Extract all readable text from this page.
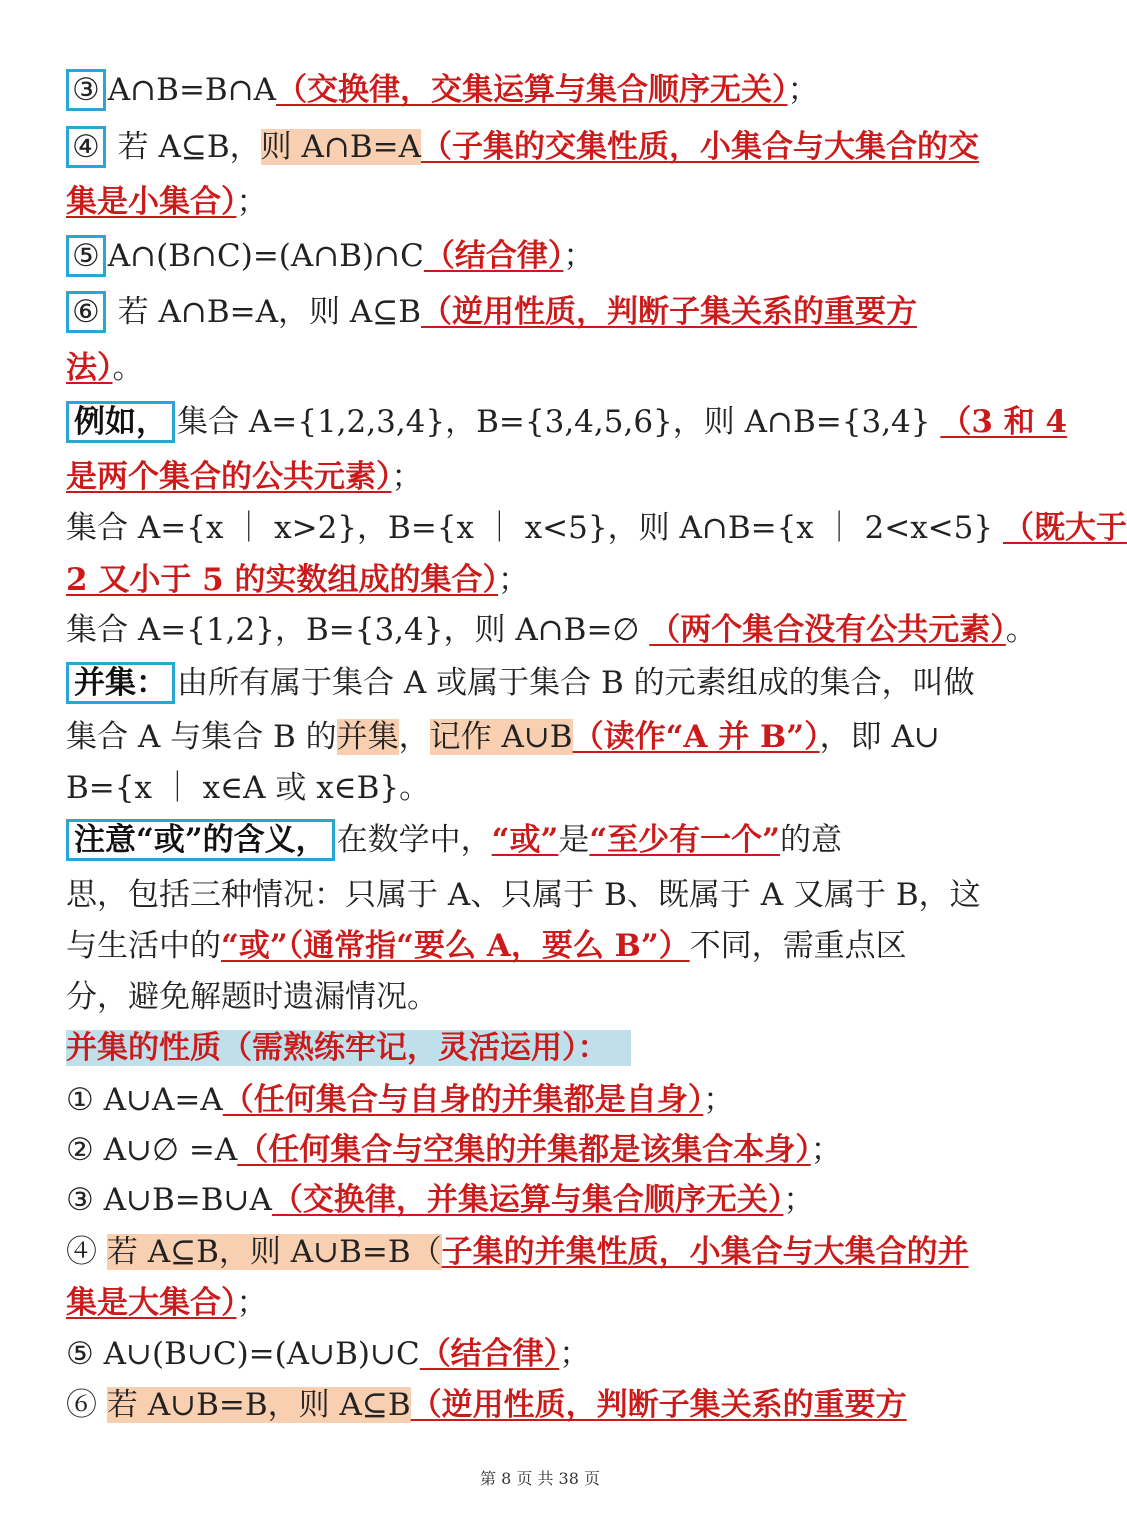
③ A∩B=B∩A（交换律，交集运算与集合顺序无关）；
④ 若 A⊆B，则 A∩B=A（子集的交集性质，小集合与大集合的交
集是小集合）；
⑤ A∩(B∩C)=(A∩B)∩C（结合律）；
⑥ 若 A∩B=A，则 A⊆B（逆用性质，判断子集关系的重要方
法）。
例如， 集合 A={1,2,3,4}，B={3,4,5,6}，则 A∩B={3,4} （3 和 4
是两个集合的公共元素）；
集合 A={x ｜ x>2}，B={x ｜ x<5}，则 A∩B={x ｜ 2<x<5} （既大于
2 又小于 5 的实数组成的集合）；
集合 A={1,2}，B={3,4}，则 A∩B=∅ （两个集合没有公共元素）。
并集： 由所有属于集合 A 或属于集合 B 的元素组成的集合，叫做
集合 A 与集合 B 的并集，记作 A∪B（读作“A 并 B”），即 A∪
B={x ｜ x∈A 或 x∈B}。
注意“或”的含义， 在数学中，“或”是“至少有一个”的意
思，包括三种情况：只属于 A、只属于 B、既属于 A 又属于 B，这
与生活中的“或”（通常指“要么 A，要么 B”）不同，需重点区
分，避免解题时遗漏情况。
并集的性质（需熟练牢记，灵活运用）：
① A∪A=A（任何集合与自身的并集都是自身）；
② A∪∅ =A（任何集合与空集的并集都是该集合本身）；
③ A∪B=B∪A（交换律，并集运算与集合顺序无关）；
④ 若 A⊆B，则 A∪B=B（子集的并集性质，小集合与大集合的并
集是大集合）；
⑤ A∪(B∪C)=(A∪B)∪C（结合律）；
⑥ 若 A∪B=B，则 A⊆B（逆用性质，判断子集关系的重要方
第 8 页 共 38 页
